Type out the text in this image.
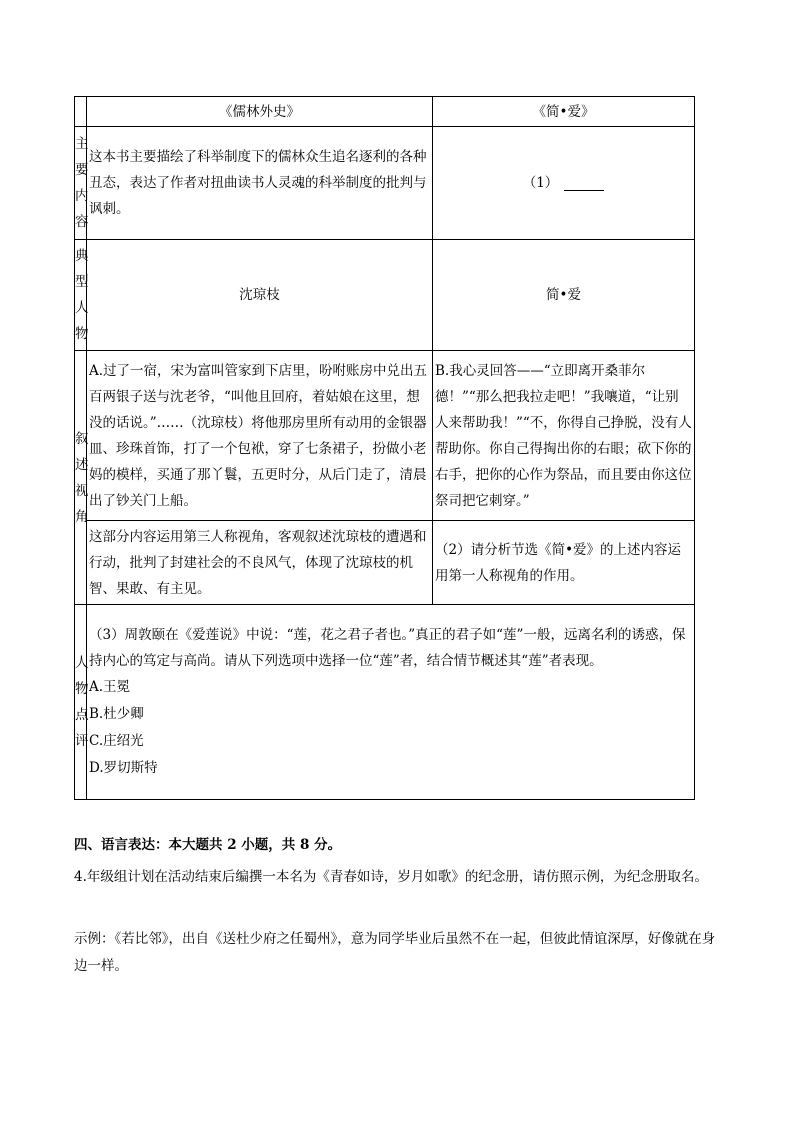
	《儒林外史》	《简•爱》

主
要
内
容	这本书主要描绘了科举制度下的儒林众生追名逐利的各种丑态，表达了作者对扭曲读书人灵魂的科举制度的批判与讽刺。	（1）

典
型
人
物	沈琼枝	简•爱

叙
述
视
角	A.过了一宿，宋为富叫管家到下店里，吩咐账房中兑出五百两银子送与沈老爷，“叫他且回府，着姑娘在这里，想没的话说。”……（沈琼枝）将他那房里所有动用的金银器皿、珍珠首饰，打了一个包袱，穿了七条裙子，扮做小老妈的模样，买通了那丫鬟，五更时分，从后门走了，清晨出了钞关门上船。	B.我心灵回答——“立即离开桑菲尔德！”“那么把我拉走吧！”我嚷道，“让别人来帮助我！”“不，你得自己挣脱，没有人帮助你。你自己得掏出你的右眼；砍下你的右手，把你的心作为祭品，而且要由你这位祭司把它刺穿。”
	这部分内容运用第三人称视角，客观叙述沈琼枝的遭遇和行动，批判了封建社会的不良风气，体现了沈琼枝的机智、果敢、有主见。	（2）请分析节选《简•爱》的上述内容运用第一人称视角的作用。

人
物
点
评	（3）周敦颐在《爱莲说》中说：“莲，花之君子者也。”真正的君子如“莲”一般，远离名利的诱惑，保持内心的笃定与高尚。请从下列选项中选择一位“莲”者，结合情节概述其“莲”者表现。
A.王冕
B.杜少卿
C.庄绍光
D.罗切斯特	
四、语言表达：本大题共 2 小题，共 8 分。
4.年级组计划在活动结束后编撰一本名为《青春如诗，岁月如歌》的纪念册，请仿照示例，为纪念册取名。
示例：《若比邻》，出自《送杜少府之任蜀州》，意为同学毕业后虽然不在一起，但彼此情谊深厚，好像就在身边一样。
